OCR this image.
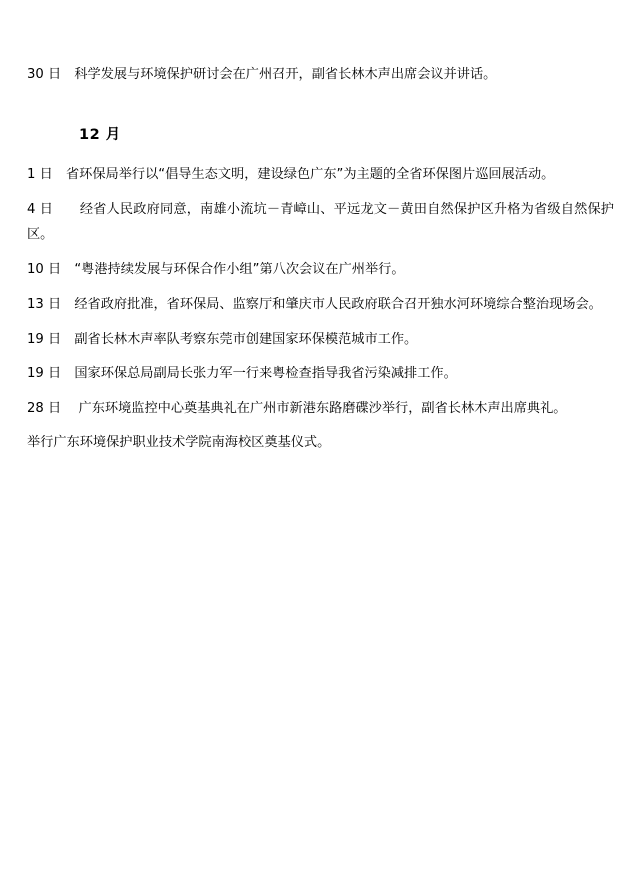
30 日　科学发展与环境保护研讨会在广州召开，副省长林木声出席会议并讲话。

12 月

1 日　省环保局举行以“倡导生态文明，建设绿色广东”为主题的全省环保图片巡回展活动。

4 日　　经省人民政府同意，南雄小流坑－青嶂山、平远龙文－黄田自然保护区升格为省级自然保护区。

10 日　“粤港持续发展与环保合作小组”第八次会议在广州举行。

13 日　经省政府批准，省环保局、监察厅和肇庆市人民政府联合召开独水河环境综合整治现场会。

19 日　副省长林木声率队考察东莞市创建国家环保模范城市工作。

19 日　国家环保总局副局长张力军一行来粤检查指导我省污染减排工作。

28 日　 广东环境监控中心奠基典礼在广州市新港东路磨碟沙举行，副省长林木声出席典礼。

举行广东环境保护职业技术学院南海校区奠基仪式。
